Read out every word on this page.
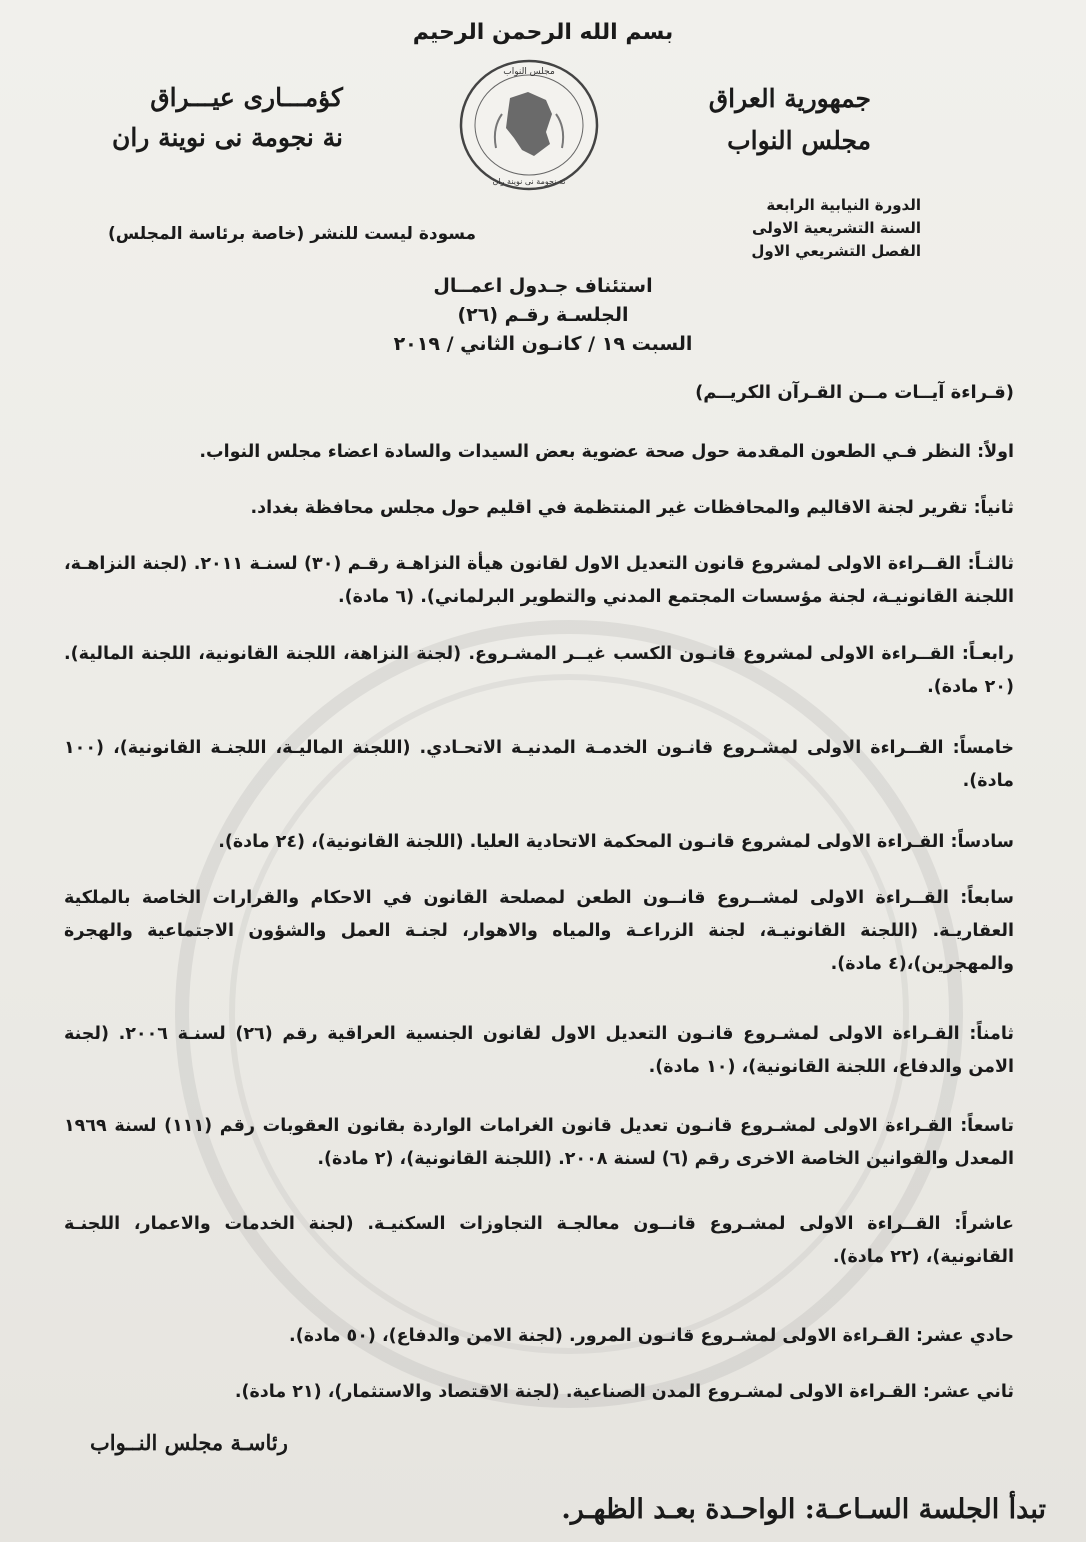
بسم الله الرحمن الرحيم
جمهورية العراق
مجلس النواب
مجلس النواب
نة نجومة نی نوينة ران
كؤمـــاری عيـــراق
نة نجومة نی نوينة ران
الدورة النيابية الرابعة
السنة التشريعية الاولى
الفصل التشريعي الاول
مسودة ليست للنشر (خاصة برئاسة المجلس)
استئناف جـدول اعمــال
الجلسـة رقـم (٢٦)
السبت ١٩ / كانـون الثاني / ٢٠١٩
(قـراءة آيــات مــن القـرآن الكريــم)
اولاً: النظر فـي الطعون المقدمة حول صحة عضوية بعض السيدات والسادة اعضاء مجلس النواب.
ثانياً: تقرير لجنة الاقاليم والمحافظات غير المنتظمة في اقليم حول مجلس محافظة بغداد.
ثالثـاً: القــراءة الاولى لمشروع قانون التعديل الاول لقانون هيأة النزاهـة رقـم (٣٠) لسنـة ٢٠١١. (لجنة النزاهـة، اللجنة القانونيـة، لجنة مؤسسات المجتمع المدني والتطوير البرلماني). (٦ مادة).
رابعـاً: القــراءة الاولى لمشروع قانـون الكسب غيــر المشـروع. (لجنة النزاهة، اللجنة القانونية، اللجنة المالية). (٢٠ مادة).
خامساً: القــراءة الاولى لمشـروع قانـون الخدمـة المدنيـة الاتحـادي. (اللجنة الماليـة، اللجنـة القانونية)، (١٠٠ مادة).
سادساً: القـراءة الاولى لمشروع قانـون المحكمة الاتحادية العليا. (اللجنة القانونية)، (٢٤ مادة).
سابعاً: القــراءة الاولى لمشــروع قانــون الطعن لمصلحة القانون في الاحكام والقرارات الخاصة بالملكية العقاريـة. (اللجنة القانونيـة، لجنة الزراعـة والمياه والاهوار، لجنـة العمل والشؤون الاجتماعية والهجرة والمهجرين)،(٤ مادة).
ثامناً: القـراءة الاولى لمشـروع قانـون التعديل الاول لقانون الجنسية العراقية رقم (٢٦) لسنـة ٢٠٠٦. (لجنة الامن والدفاع، اللجنة القانونية)، (١٠ مادة).
تاسعاً: القـراءة الاولى لمشـروع قانـون تعديل قانون الغرامات الواردة بقانون العقوبات رقم (١١١) لسنة ١٩٦٩ المعدل والقوانين الخاصة الاخرى رقم (٦) لسنة ٢٠٠٨. (اللجنة القانونية)، (٢ مادة).
عاشراً: القــراءة الاولى لمشـروع قانــون معالجـة التجاوزات السكنيـة. (لجنة الخدمات والاعمار، اللجنـة القانونية)، (٢٢ مادة).
حادي عشر: القـراءة الاولى لمشـروع قانـون المرور. (لجنة الامن والدفاع)، (٥٠ مادة).
ثاني عشر: القـراءة الاولى لمشـروع المدن الصناعية. (لجنة الاقتصاد والاستثمار)، (٢١ مادة).
رئاسـة مجلس النــواب
تبدأ الجلسة السـاعـة: الواحـدة بعـد الظهـر.
